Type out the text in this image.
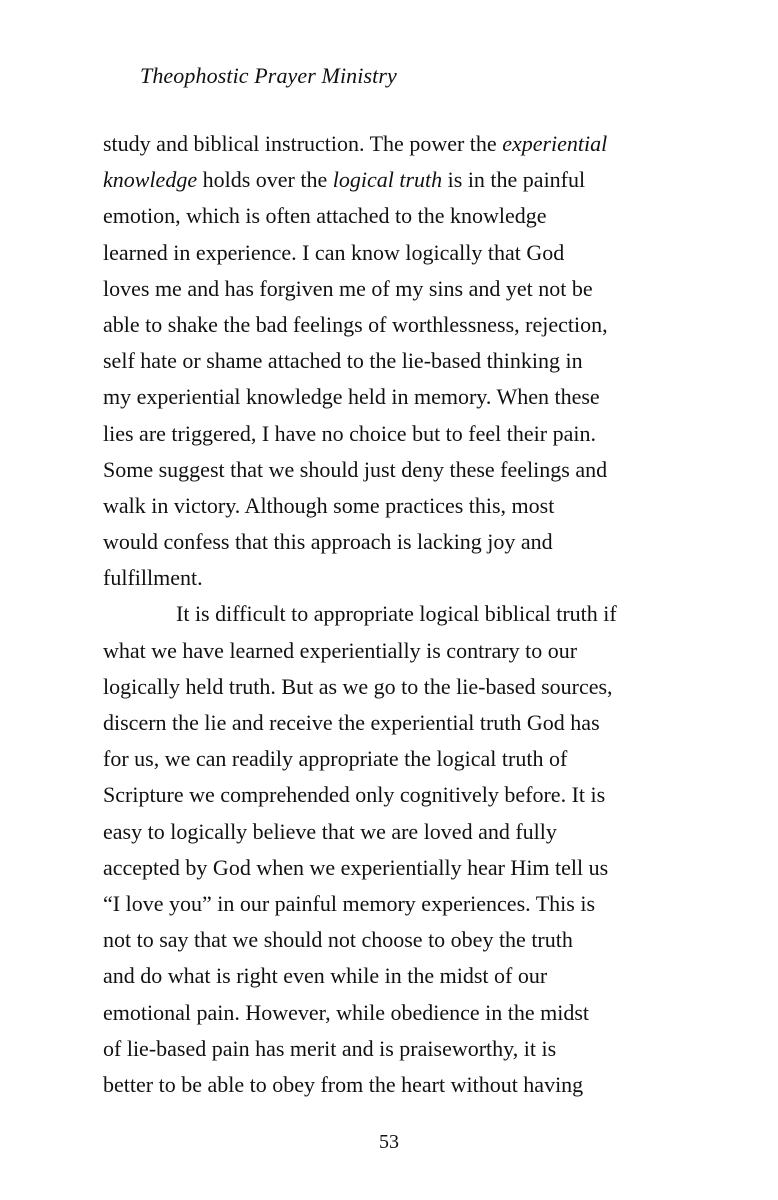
Theophostic Prayer Ministry
study and biblical instruction. The power the experiential
knowledge holds over the logical truth is in the painful
emotion, which is often attached to the knowledge
learned in experience. I can know logically that God
loves me and has forgiven me of my sins and yet not be
able to shake the bad feelings of worthlessness, rejection,
self hate or shame attached to the lie-based thinking in
my experiential knowledge held in memory. When these
lies are triggered, I have no choice but to feel their pain.
Some suggest that we should just deny these feelings and
walk in victory. Although some practices this, most
would confess that this approach is lacking joy and
fulfillment.
It is difficult to appropriate logical biblical truth if
what we have learned experientially is contrary to our
logically held truth. But as we go to the lie-based sources,
discern the lie and receive the experiential truth God has
for us, we can readily appropriate the logical truth of
Scripture we comprehended only cognitively before. It is
easy to logically believe that we are loved and fully
accepted by God when we experientially hear Him tell us
“I love you” in our painful memory experiences. This is
not to say that we should not choose to obey the truth
and do what is right even while in the midst of our
emotional pain. However, while obedience in the midst
of lie-based pain has merit and is praiseworthy, it is
better to be able to obey from the heart without having
53
